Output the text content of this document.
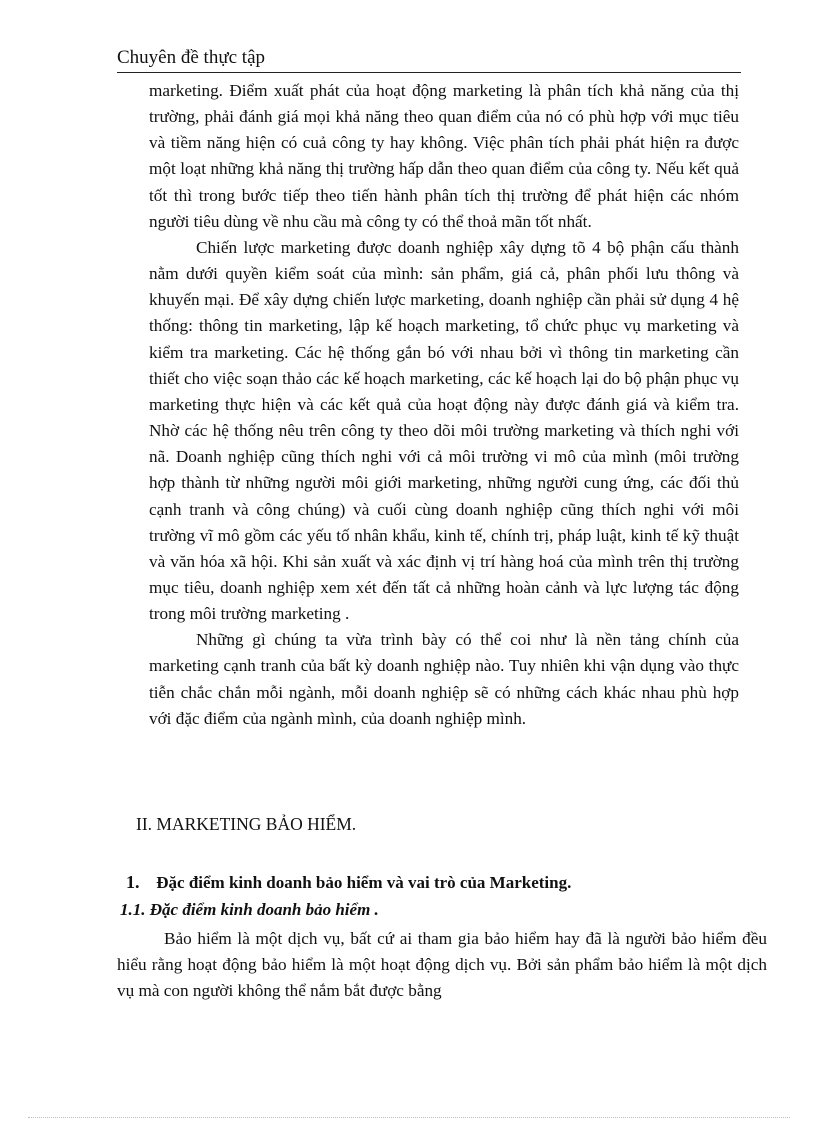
Chuyên đề thực tập

marketing. Điểm xuất phát của hoạt động marketing là phân tích khả năng của thị trường, phải đánh giá mọi khả năng theo quan điểm của nó có phù hợp với mục tiêu và tiềm năng hiện có cuả công ty hay không. Việc phân tích phải phát hiện ra được một loạt những khả năng thị trường hấp dẫn theo quan điểm của công ty. Nếu kết quả tốt thì trong bước tiếp theo tiến hành phân tích thị trường để phát hiện các nhóm người tiêu dùng về nhu cầu mà công ty có thể thoả mãn tốt nhất.

Chiến lược marketing được doanh nghiệp xây dựng tõ 4 bộ phận cấu thành nằm dưới quyền kiểm soát của mình: sản phẩm, giá cả, phân phối lưu thông và khuyến mại. Để xây dựng chiến lược marketing, doanh nghiệp cần phải sử dụng 4 hệ thống: thông tin marketing, lập kế hoạch marketing, tổ chức phục vụ marketing và kiểm tra marketing. Các hệ thống gắn bó với nhau bởi vì thông tin marketing cần thiết cho việc soạn thảo các kế hoạch marketing, các kế hoạch lại do bộ phận phục vụ marketing thực hiện và các kết quả của hoạt động này được đánh giá và kiểm tra. Nhờ các hệ thống nêu trên công ty theo dõi môi trường marketing và thích nghi với nã. Doanh nghiệp cũng thích nghi với cả môi trường vi mô của mình (môi trường hợp thành từ những người môi giới marketing, những người cung ứng, các đối thủ cạnh tranh và công chúng) và cuối cùng doanh nghiệp cũng thích nghi với môi trường vĩ mô gồm các yếu tố nhân khẩu, kinh tế, chính trị, pháp luật, kinh tế kỹ thuật và văn hóa xã hội. Khi sản xuất và xác định vị trí hàng hoá của mình trên thị trường mục tiêu, doanh nghiệp xem xét đến tất cả những hoàn cảnh và lực lượng tác động trong môi trường marketing .

Những gì chúng ta vừa trình bày có thể coi như là nền tảng chính của marketing cạnh tranh của bất kỳ doanh nghiệp nào. Tuy nhiên khi vận dụng vào thực tiễn chắc chắn mỗi ngành, mỗi doanh nghiệp sẽ có những cách khác nhau phù hợp với đặc điểm của ngành mình, của doanh nghiệp mình.

II. MARKETING BẢO HIỂM.
1. Đặc điểm kinh doanh bảo hiểm và vai trò của Marketing.
1.1. Đặc điểm kinh doanh bảo hiểm .

Bảo hiểm là một dịch vụ, bất cứ ai tham gia bảo hiểm hay đã là người bảo hiểm đều hiểu rằng hoạt động bảo hiểm là một hoạt động dịch vụ. Bởi sản phẩm bảo hiểm là một dịch vụ mà con người không thể nắm bắt được bằng
